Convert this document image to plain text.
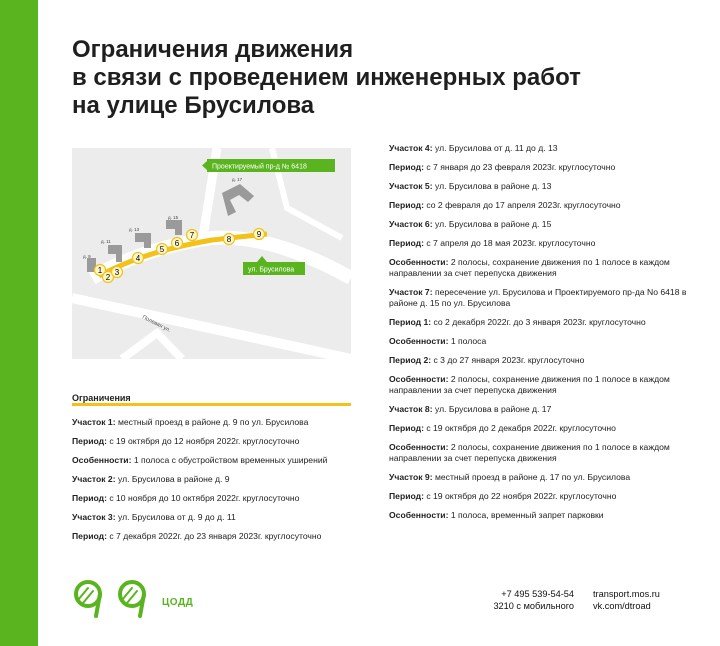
Ограничения движения
в связи с проведением инженерных работ
на улице Брусилова
д. 9
д. 11
д. 13
д. 15
д. 17
Проектируемый пр-д № 6418
ул. Брусилова
Полевая ул.
1
2
3
4
5
6
7	8
9
Ограничения
Участок 1: местный проезд в районе д. 9 по ул. Брусилова
Период: с 19 октября до 12 ноября 2022г. круглосуточно
Особенности: 1 полоса с обустройством временных уширений
Участок 2: ул. Брусилова в районе д. 9
Период: с 10 ноября до 10 октября 2022г. круглосуточно
Участок 3: ул. Брусилова от д. 9 до д. 11
Период: с 7 декабря 2022г. до 23 января 2023г. круглосуточно
Участок 4: ул. Брусилова от д. 11 до д. 13
Период: с 7 января до 23 февраля 2023г. круглосуточно
Участок 5: ул. Брусилова в районе д. 13
Период: со 2 февраля до 17 апреля 2023г. круглосуточно
Участок 6: ул. Брусилова в районе д. 15
Период: с 7 апреля до 18 мая 2023г. круглосуточно
Особенности: 2 полосы, сохранение движения по 1 полосе в каждом направлении за счет перепуска движения
Участок 7: пересечение ул. Брусилова и Проектируемого пр-да No 6418 в районе д. 15 по ул. Брусилова
Период 1: со 2 декабря 2022г. до 3 января 2023г. круглосуточно
Особенности: 1 полоса
Период 2: с 3 до 27 января 2023г. круглосуточно
Особенности: 2 полосы, сохранение движения по 1 полосе в каждом направлении за счет перепуска движения
Участок 8: ул. Брусилова в районе д. 17
Период: с 19 октября до 2 декабря 2022г. круглосуточно
Особенности: 2 полосы, сохранение движения по 1 полосе в каждом направлении за счет перепуска движения
Участок 9: местный проезд в районе д. 17 по ул. Брусилова
Период: с 19 октября до 22 ноября 2022г. круглосуточно
Особенности: 1 полоса, временный запрет парковки
ЦОДД
+7 495 539-54-54
3210 с мобильного
transport.mos.ru
vk.com/dtroad
